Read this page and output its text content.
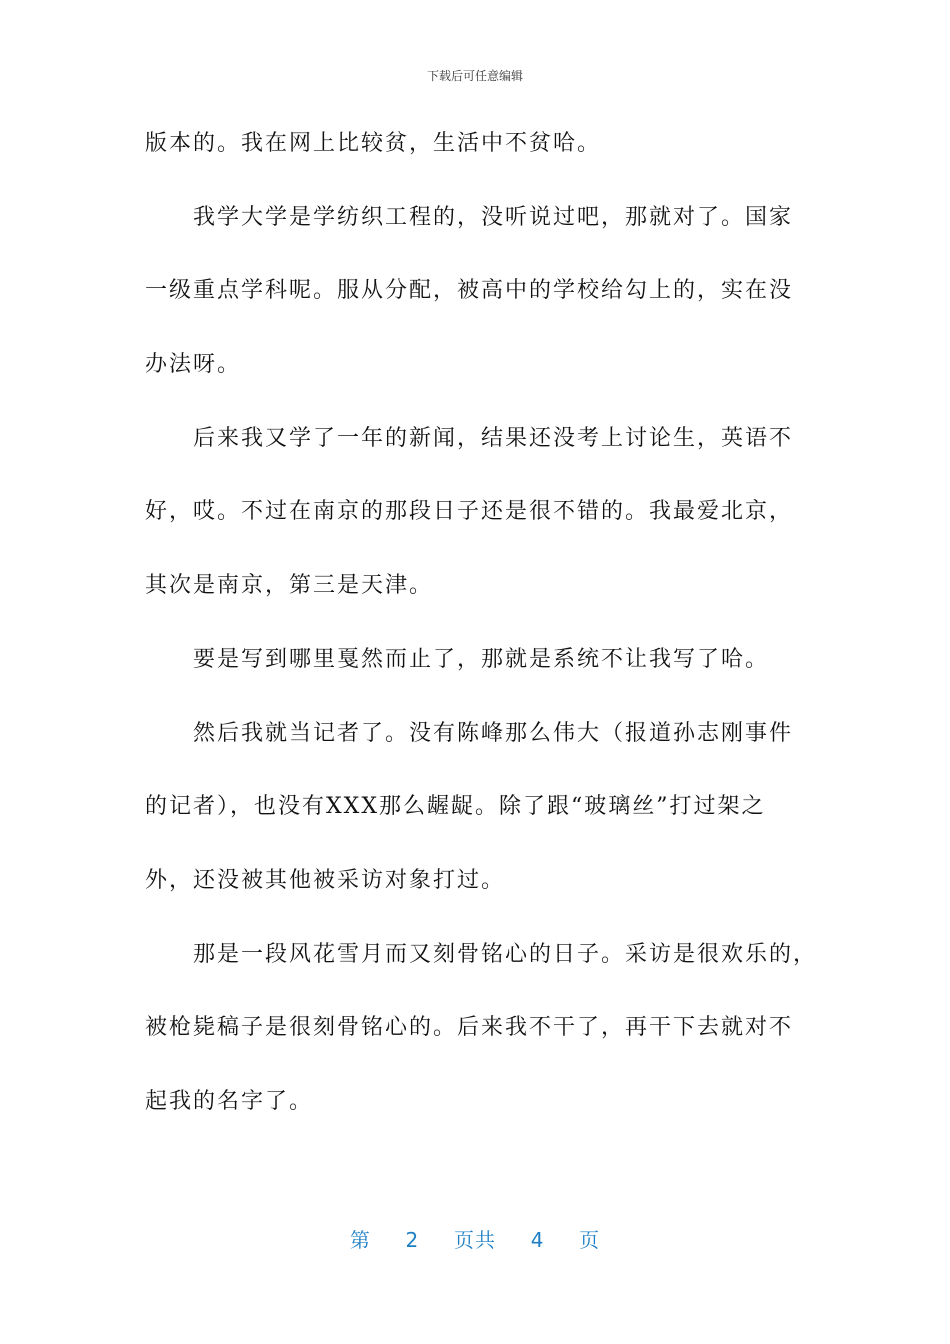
下载后可任意编辑
版本的。我在网上比较贫，生活中不贫哈。
我学大学是学纺织工程的，没听说过吧，那就对了。国家
一级重点学科呢。服从分配，被高中的学校给勾上的，实在没
办法呀。
后来我又学了一年的新闻，结果还没考上讨论生，英语不
好，哎。不过在南京的那段日子还是很不错的。我最爱北京，
其次是南京，第三是天津。
要是写到哪里戛然而止了，那就是系统不让我写了哈。
然后我就当记者了。没有陈峰那么伟大（报道孙志刚事件
的记者），也没有XXX那么龌龊。除了跟“玻璃丝”打过架之
外，还没被其他被采访对象打过。
那是一段风花雪月而又刻骨铭心的日子。采访是很欢乐的，
被枪毙稿子是很刻骨铭心的。后来我不干了，再干下去就对不
起我的名字了。
第 2 页共 4 页
